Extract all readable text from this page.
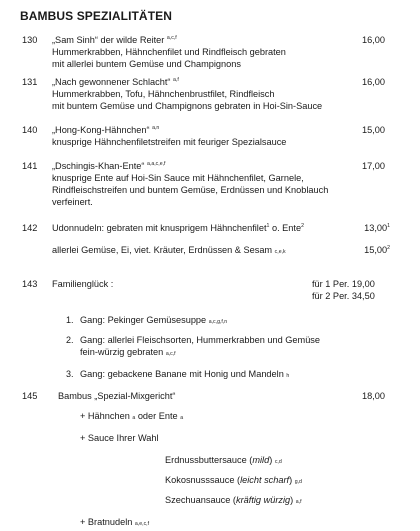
BAMBUS SPEZIALITÄTEN
130 „Sam Sinh“ der wilde Reiter $^{a,c,f}$	16,00
Hummerkrabben, Hähnchenfilet und Rindfleisch gebraten
mit allerlei buntem Gemüse und Champignons
131 „Nach gewonnener Schlacht“ $^{a,f}$	16,00
Hummerkrabben, Tofu, Hähnchenbrustfilet, Rindfleisch
mit buntem Gemüse und Champignons gebraten in Hoi-Sin-Sauce
140 „Hong-Kong-Hähnchen“ $^{a,n}$	15,00
knusprige Hähnchenfiletstreifen mit feuriger Spezialsauce
141 „Dschingis-Khan-Ente“ $^{a,a,c,e,f}$	17,00
knusprige Ente auf Hoi-Sin Sauce mit Hähnchenfilet, Garnele,
Rindfleischstreifen und buntem Gemüse, Erdnüssen und Knoblauch
verfeinert.
142 Udonnudeln: gebraten mit knusprigem Hähnchenfilet$^1$ o. Ente$^2$	13,00$^1$
allerlei Gemüse, Ei, viet. Kräuter, Erdnüssen & Sesam c,e,k	15,00$^2$
143 Familienglück :	für 1 Per. 19,00
für 2 Per. 34,50
1. Gang: Pekinger Gemüsesuppe a,c,g,f,n
2. Gang: allerlei Fleischsorten, Hummerkrabben und Gemüse
fein-würzig gebraten a,c,f
3. Gang: gebackene Banane mit Honig und Mandeln h
145 Bambus „Spezial-Mixgericht“	18,00
+ Hähnchen a oder Ente a
+ Sauce Ihrer Wahl
Erdnussbuttersauce (mild) c,d
Kokosnusssauce (leicht scharf) g,d
Szechuansauce (kräftig würzig) a,f
+ Bratnudeln a,e,c,f
